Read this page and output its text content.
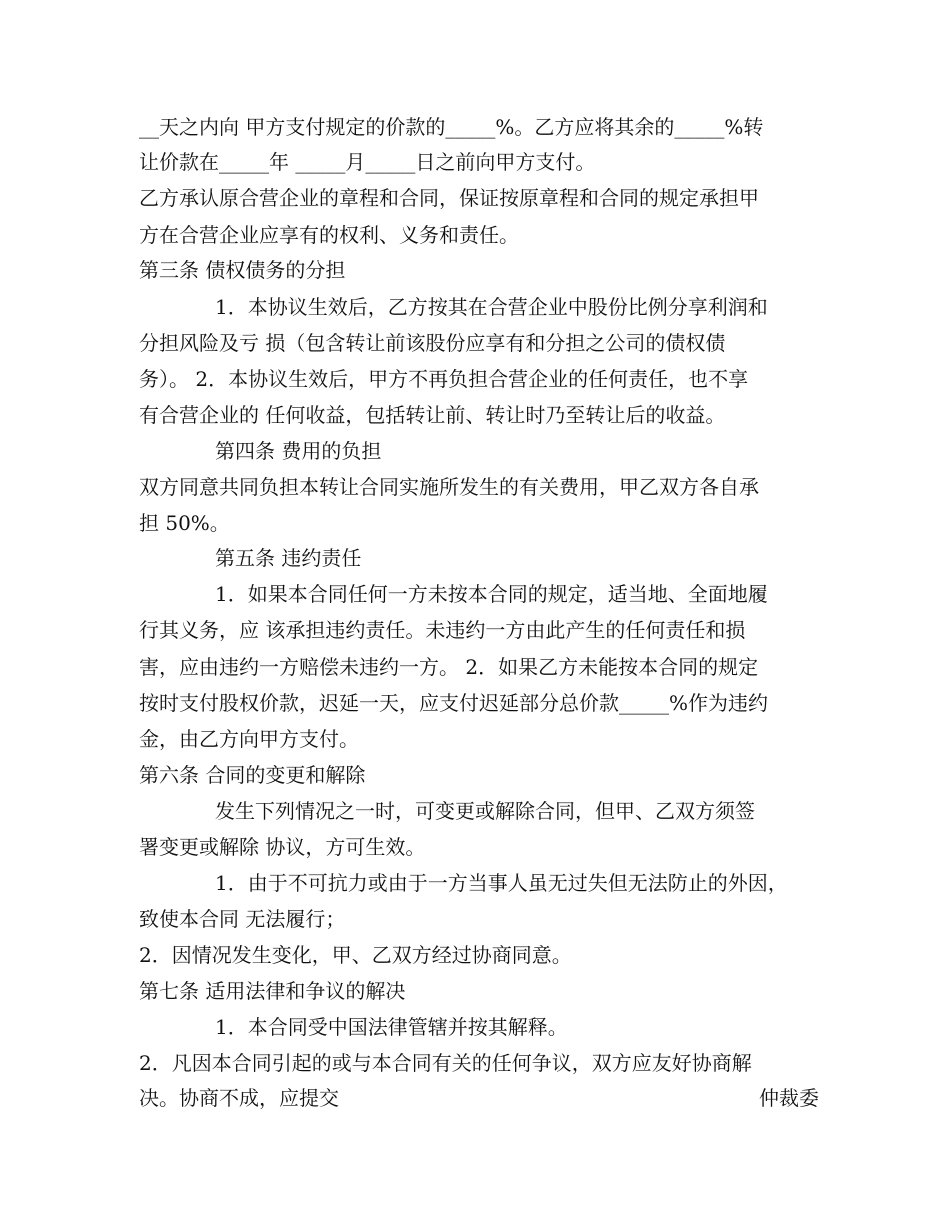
__天之内向 甲方支付规定的价款的_____%。乙方应将其余的_____%转
让价款在_____年 _____月_____日之前向甲方支付。
乙方承认原合营企业的章程和合同，保证按原章程和合同的规定承担甲
方在合营企业应享有的权利、义务和责任。
第三条 债权债务的分担
1．本协议生效后，乙方按其在合营企业中股份比例分享利润和
分担风险及亏 损（包含转让前该股份应享有和分担之公司的债权债
务）。 2．本协议生效后，甲方不再负担合营企业的任何责任，也不享
有合营企业的 任何收益，包括转让前、转让时乃至转让后的收益。
第四条 费用的负担
双方同意共同负担本转让合同实施所发生的有关费用，甲乙双方各自承
担 50%。
第五条 违约责任
1．如果本合同任何一方未按本合同的规定，适当地、全面地履
行其义务，应 该承担违约责任。未违约一方由此产生的任何责任和损
害，应由违约一方赔偿未违约一方。 2．如果乙方未能按本合同的规定
按时支付股权价款，迟延一天，应支付迟延部分总价款_____%作为违约
金，由乙方向甲方支付。
第六条 合同的变更和解除
发生下列情况之一时，可变更或解除合同，但甲、乙双方须签
署变更或解除 协议，方可生效。
1．由于不可抗力或由于一方当事人虽无过失但无法防止的外因，
致使本合同 无法履行；
2．因情况发生变化，甲、乙双方经过协商同意。
第七条 适用法律和争议的解决
1．本合同受中国法律管辖并按其解释。
2．凡因本合同引起的或与本合同有关的任何争议，双方应友好协商解
决。协商不成，应提交	仲裁委
